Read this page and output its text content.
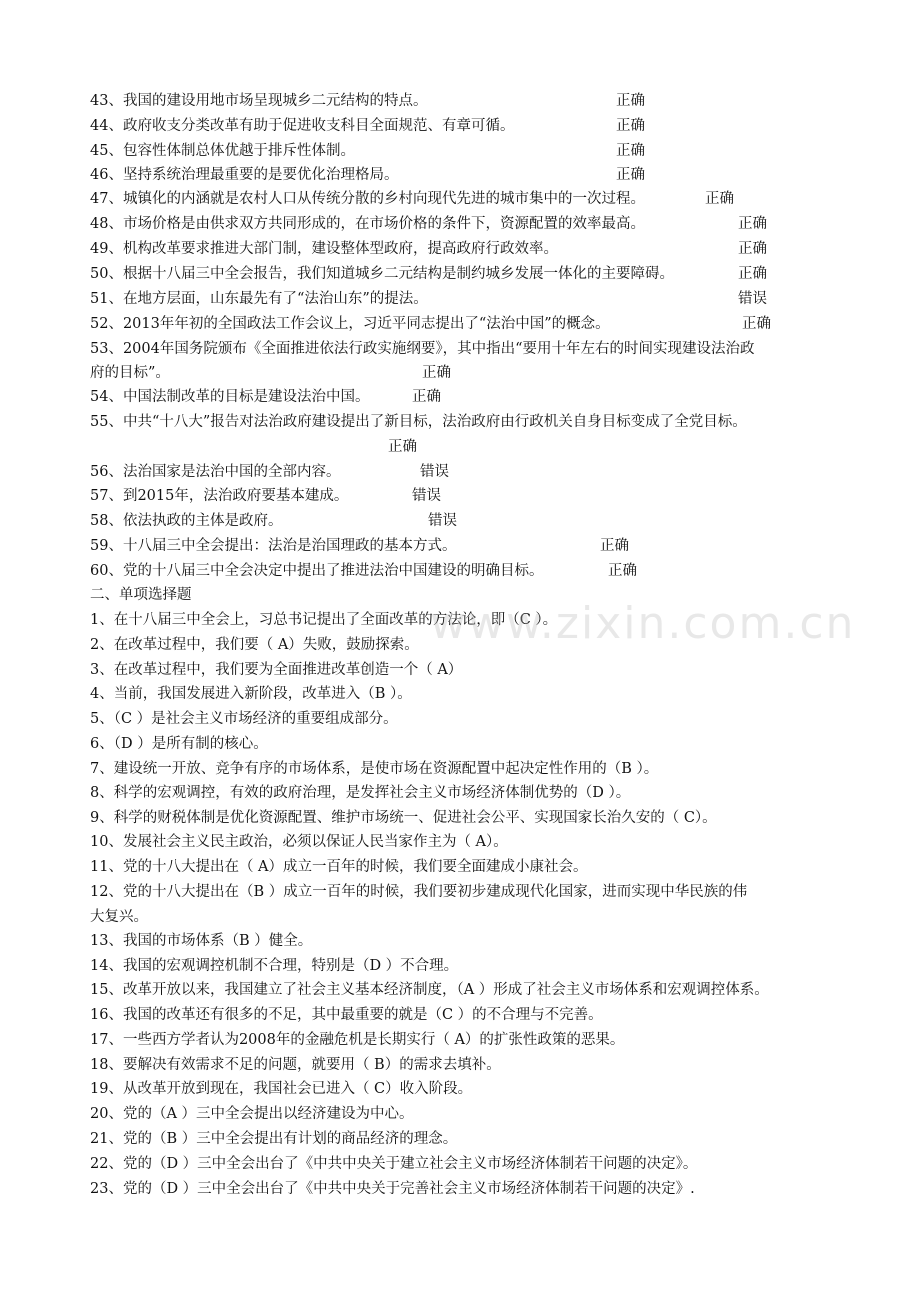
43、我国的建设用地市场呈现城乡二元结构的特点。	正确
44、政府收支分类改革有助于促进收支科目全面规范、有章可循。	正确
45、包容性体制总体优越于排斥性体制。	正确
46、坚持系统治理最重要的是要优化治理格局。	正确
47、城镇化的内涵就是农村人口从传统分散的乡村向现代先进的城市集中的一次过程。	正确
48、市场价格是由供求双方共同形成的，在市场价格的条件下，资源配置的效率最高。	正确
49、机构改革要求推进大部门制，建设整体型政府，提高政府行政效率。	正确
50、根据十八届三中全会报告，我们知道城乡二元结构是制约城乡发展一体化的主要障碍。	正确
51、在地方层面，山东最先有了“法治山东”的提法。	错误
52、2013年年初的全国政法工作会议上，习近平同志提出了“法治中国”的概念。	正确
53、2004年国务院颁布《全面推进依法行政实施纲要》，其中指出“要用十年左右的时间实现建设法治政
府的目标”。	正确
54、中国法制改革的目标是建设法治中国。	正确
55、中共“十八大”报告对法治政府建设提出了新目标，法治政府由行政机关自身目标变成了全党目标。
正确
56、法治国家是法治中国的全部内容。	错误
57、到2015年，法治政府要基本建成。	错误
58、依法执政的主体是政府。	错误
59、十八届三中全会提出：法治是治国理政的基本方式。	正确
60、党的十八届三中全会决定中提出了推进法治中国建设的明确目标。	正确
二、单项选择题
1、在十八届三中全会上，习总书记提出了全面改革的方法论，即（C ）。
2、在改革过程中，我们要（ A）失败，鼓励探索。
3、在改革过程中，我们要为全面推进改革创造一个（ A）
4、当前，我国发展进入新阶段，改革进入（B ）。
5、（C ）是社会主义市场经济的重要组成部分。
6、（D ）是所有制的核心。
7、建设统一开放、竞争有序的市场体系，是使市场在资源配置中起决定性作用的（B ）。
8、科学的宏观调控，有效的政府治理，是发挥社会主义市场经济体制优势的（D ）。
9、科学的财税体制是优化资源配置、维护市场统一、促进社会公平、实现国家长治久安的（ C）。
10、发展社会主义民主政治，必须以保证人民当家作主为（ A）。
11、党的十八大提出在（ A）成立一百年的时候，我们要全面建成小康社会。
12、党的十八大提出在（B ）成立一百年的时候，我们要初步建成现代化国家，进而实现中华民族的伟
大复兴。
13、我国的市场体系（B ）健全。
14、我国的宏观调控机制不合理，特别是（D ）不合理。
15、改革开放以来，我国建立了社会主义基本经济制度，（A ）形成了社会主义市场体系和宏观调控体系。
16、我国的改革还有很多的不足，其中最重要的就是（C ）的不合理与不完善。
17、一些西方学者认为2008年的金融危机是长期实行（ A）的扩张性政策的恶果。
18、要解决有效需求不足的问题，就要用（ B）的需求去填补。
19、从改革开放到现在，我国社会已进入（ C）收入阶段。
20、党的（A ）三中全会提出以经济建设为中心。
21、党的（B ）三中全会提出有计划的商品经济的理念。
22、党的（D ）三中全会出台了《中共中央关于建立社会主义市场经济体制若干问题的决定》。
23、党的（D ）三中全会出台了《中共中央关于完善社会主义市场经济体制若干问题的决定》.
www.zixin.com.cn
